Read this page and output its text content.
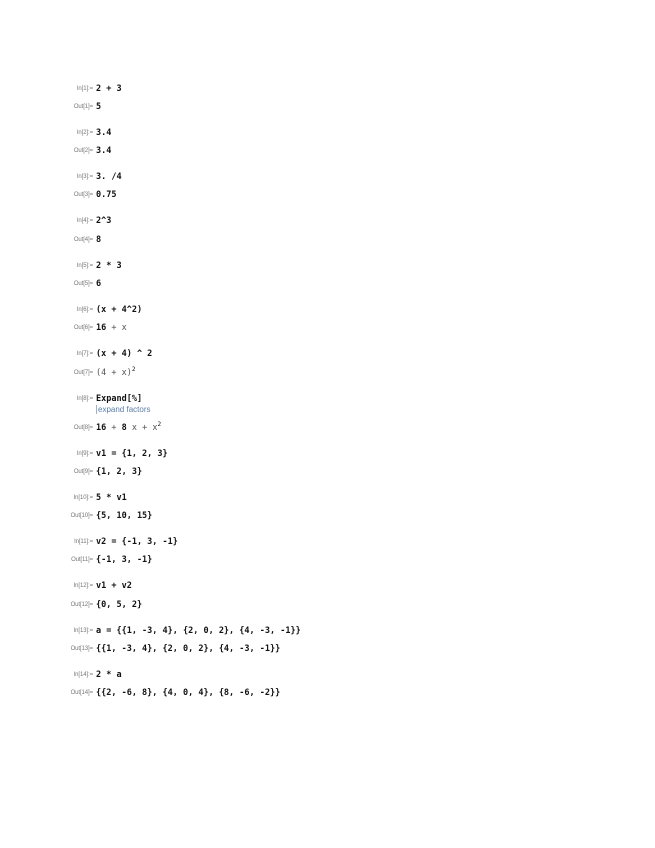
In[1]:= 2 + 3
Out[1]= 5
In[2]:= 3.4
Out[2]= 3.4
In[3]:= 3. /4
Out[3]= 0.75
In[4]:= 2^3
Out[4]= 8
In[5]:= 2 * 3
Out[5]= 6
In[6]:= (x + 4^2)
Out[6]= 16 + x
In[7]:= (x + 4) ^ 2
$Out[7]= (4 + x)^2$
In[8]:= Expand[%]
expand factors
Out[8]= 16 + 8 $x + x^2$
In[9]:= v1 = {1, 2, 3}
Out[9]= {1, 2, 3}
In[10]:= 5 * v1
Out[10]= {5, 10, 15}
In[11]:= v2 = {-1, 3, -1}
Out[11]= {-1, 3, -1}
In[12]:= v1 + v2
Out[12]= {0, 5, 2}
In[13]:= a = {{1, -3, 4}, {2, 0, 2}, {4, -3, -1}}
Out[13]= {{1, -3, 4}, {2, 0, 2}, {4, -3, -1}}
In[14]:= 2 * a
Out[14]= {{2, -6, 8}, {4, 0, 4}, {8, -6, -2}}
